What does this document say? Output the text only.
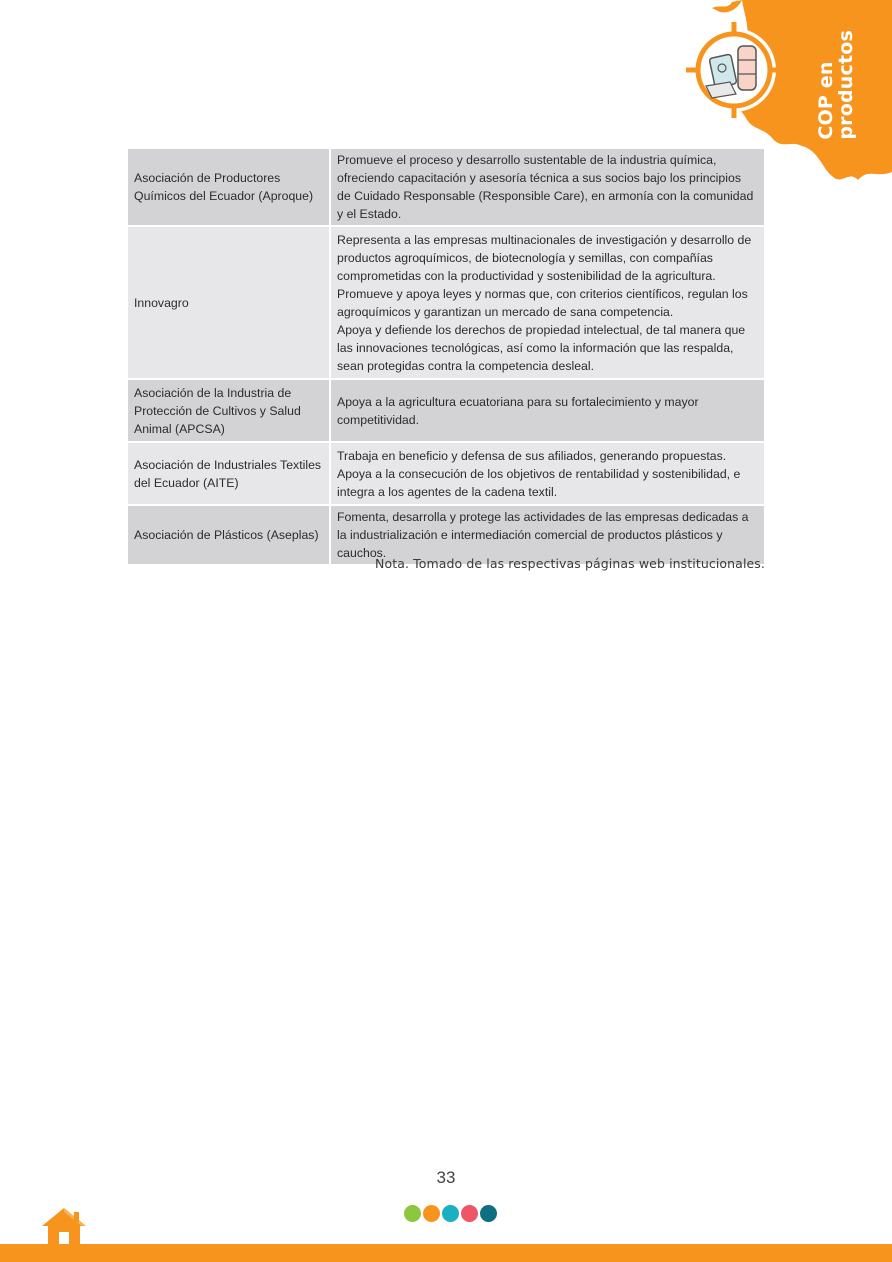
COP en
productos
Asociación de Productores Químicos del Ecuador (Aproque)	Promueve el proceso y desarrollo sustentable de la industria química, ofreciendo capacitación y asesoría técnica a sus socios bajo los principios de Cuidado Responsable (Responsible Care), en armonía con la comunidad y el Estado.
Innovagro	Representa a las empresas multinacionales de investigación y desarrollo de productos agroquímicos, de biotecnología y semillas, con compañías comprometidas con la productividad y sostenibilidad de la agricultura. Promueve y apoya leyes y normas que, con criterios científicos, regulan los agroquímicos y garantizan un mercado de sana competencia.
Apoya y defiende los derechos de propiedad intelectual, de tal manera que las innovaciones tecnológicas, así como la información que las respalda, sean protegidas contra la competencia desleal.

Asociación de la Industria de Protección de Cultivos y Salud Animal (APCSA)	Apoya a la agricultura ecuatoriana para su fortalecimiento y mayor competitividad.
Asociación de Industriales Textiles del Ecuador (AITE)	Trabaja en beneficio y defensa de sus afiliados, generando propuestas. Apoya a la consecución de los objetivos de rentabilidad y sostenibilidad, e integra a los agentes de la cadena textil.
Asociación de Plásticos (Aseplas)	Fomenta, desarrolla y protege las actividades de las empresas dedicadas a la industrialización e intermediación comercial de productos plásticos y cauchos.
Nota. Tomado de las respectivas páginas web institucionales.
33
